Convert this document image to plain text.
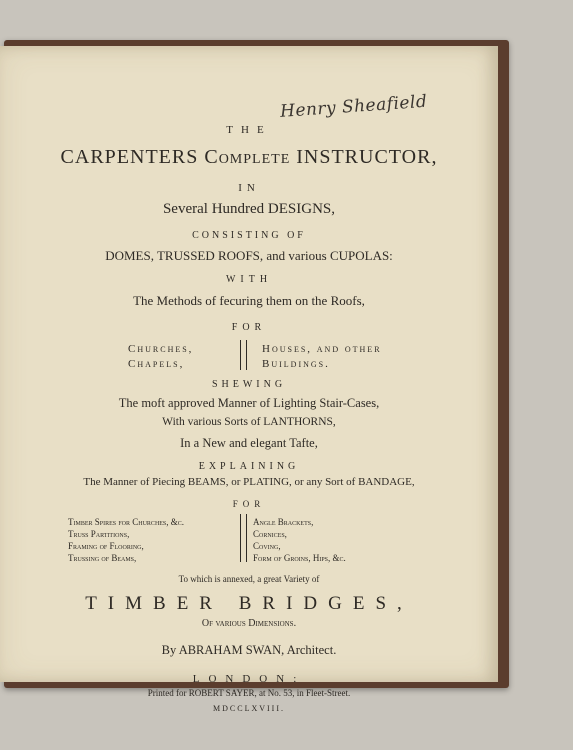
Henry Sheafield
THE
CARPENTERS Complete INSTRUCTOR,
IN
Several Hundred DESIGNS,
CONSISTING OF
DOMES, TRUSSED ROOFS, and various CUPOLAS:
WITH
The Methods of fecuring them on the Roofs,
FOR
Churches,
Chapels,
Houses, and other
Buildings.
SHEWING
The moft approved Manner of Lighting Stair-Cases,
With various Sorts of LANTHORNS,
In a New and elegant Tafte,
EXPLAINING
The Manner of Piecing BEAMS, or PLATING, or any Sort of BANDAGE,
FOR
Timber Spires for Churches, &c.
Truss Partitions,
Framing of Flooring,
Trussing of Beams,
Angle Brackets,
Cornices,
Coving,
Form of Groins, Hips, &c.
To which is annexed, a great Variety of
TIMBER BRIDGES,
Of various Dimensions.
By ABRAHAM SWAN, Architect.
LONDON:
Printed for ROBERT SAYER, at No. 53, in Fleet-Street.
MDCCLXVIII.
